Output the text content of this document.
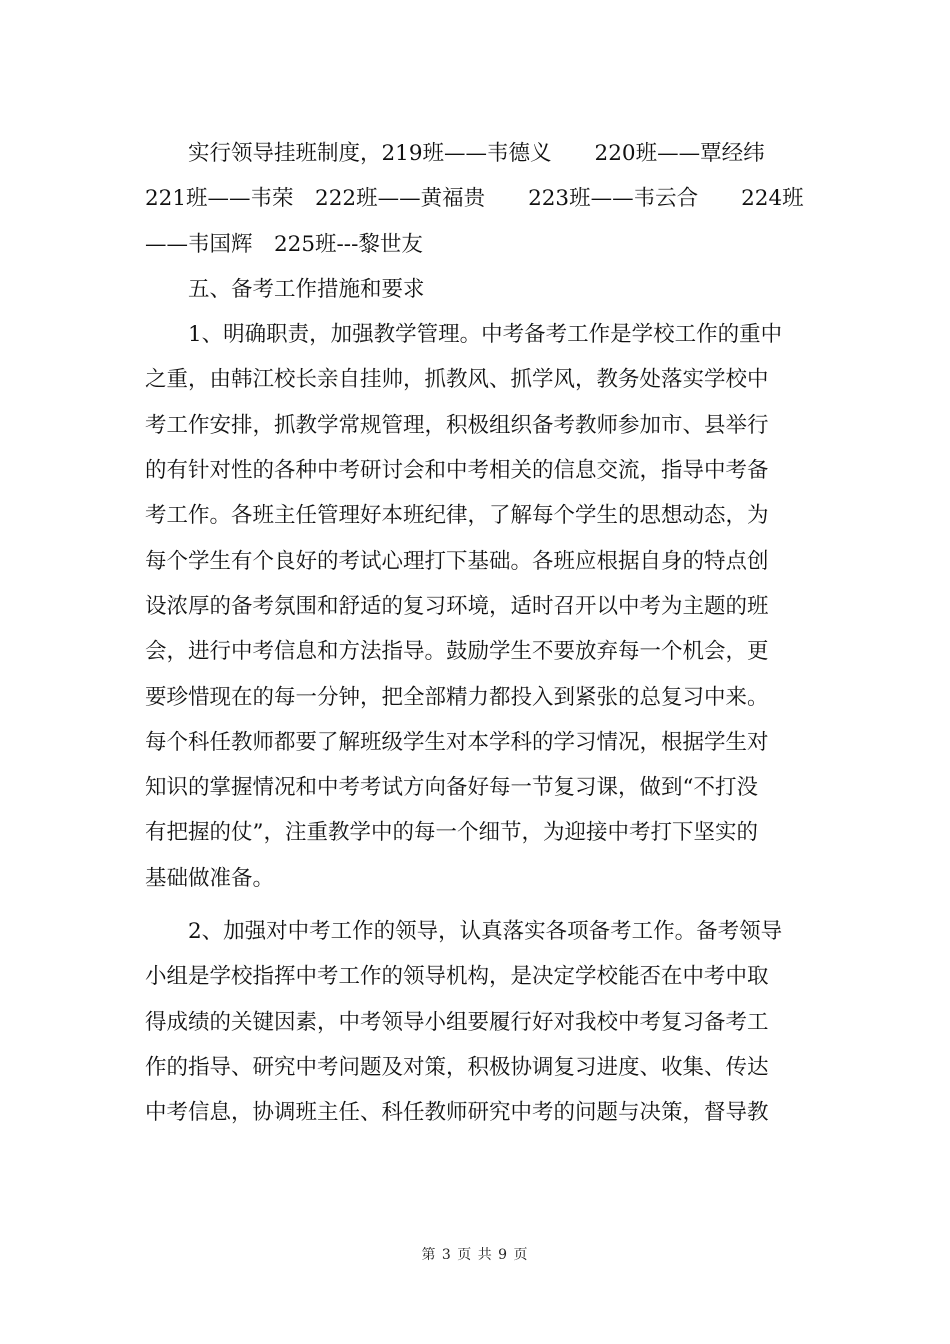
实行领导挂班制度，219班——韦德义　　220班——覃经纬
221班——韦荣　222班——黄福贵　　223班——韦云合　　224班
——韦国辉　225班---黎世友
五、备考工作措施和要求
1、明确职责，加强教学管理。中考备考工作是学校工作的重中
之重，由韩江校长亲自挂帅，抓教风、抓学风，教务处落实学校中
考工作安排，抓教学常规管理，积极组织备考教师参加市、县举行
的有针对性的各种中考研讨会和中考相关的信息交流，指导中考备
考工作。各班主任管理好本班纪律，了解每个学生的思想动态，为
每个学生有个良好的考试心理打下基础。各班应根据自身的特点创
设浓厚的备考氛围和舒适的复习环境，适时召开以中考为主题的班
会，进行中考信息和方法指导。鼓励学生不要放弃每一个机会，更
要珍惜现在的每一分钟，把全部精力都投入到紧张的总复习中来。
每个科任教师都要了解班级学生对本学科的学习情况，根据学生对
知识的掌握情况和中考考试方向备好每一节复习课，做到“不打没
有把握的仗”，注重教学中的每一个细节，为迎接中考打下坚实的
基础做准备。
2、加强对中考工作的领导，认真落实各项备考工作。备考领导
小组是学校指挥中考工作的领导机构，是决定学校能否在中考中取
得成绩的关键因素，中考领导小组要履行好对我校中考复习备考工
作的指导、研究中考问题及对策，积极协调复习进度、收集、传达
中考信息，协调班主任、科任教师研究中考的问题与决策，督导教
第 3 页 共 9 页
